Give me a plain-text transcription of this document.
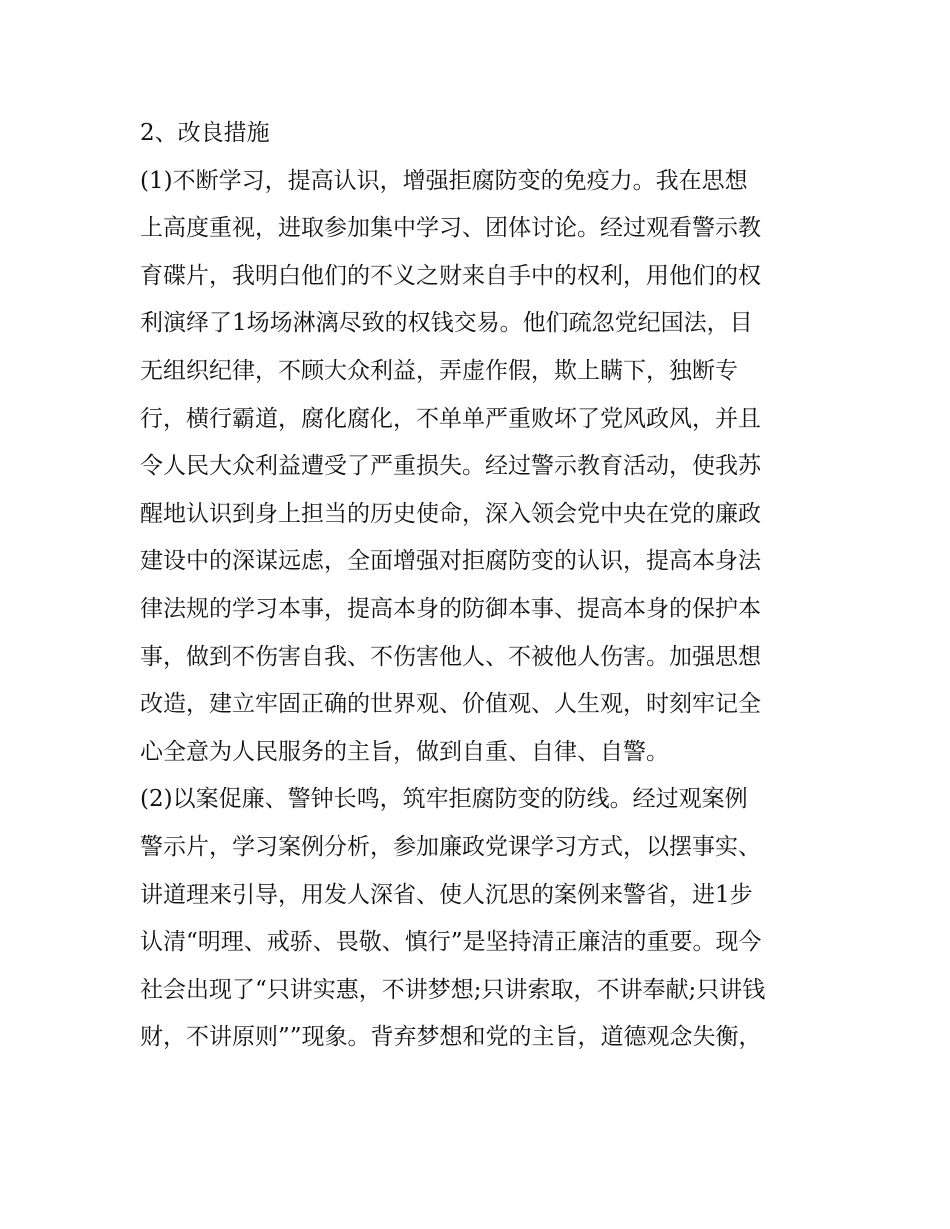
2、改良措施
(1)不断学习，提高认识，增强拒腐防变的免疫力。我在思想
上高度重视，进取参加集中学习、团体讨论。经过观看警示教
育碟片，我明白他们的不义之财来自手中的权利，用他们的权
利演绎了1场场淋漓尽致的权钱交易。他们疏忽党纪国法，目
无组织纪律，不顾大众利益，弄虚作假，欺上瞒下，独断专
行，横行霸道，腐化腐化，不单单严重败坏了党风政风，并且
令人民大众利益遭受了严重损失。经过警示教育活动，使我苏
醒地认识到身上担当的历史使命，深入领会党中央在党的廉政
建设中的深谋远虑，全面增强对拒腐防变的认识，提高本身法
律法规的学习本事，提高本身的防御本事、提高本身的保护本
事，做到不伤害自我、不伤害他人、不被他人伤害。加强思想
改造，建立牢固正确的世界观、价值观、人生观，时刻牢记全
心全意为人民服务的主旨，做到自重、自律、自警。
(2)以案促廉、警钟长鸣，筑牢拒腐防变的防线。经过观案例
警示片，学习案例分析，参加廉政党课学习方式，以摆事实、
讲道理来引导，用发人深省、使人沉思的案例来警省，进1步
认清“明理、戒骄、畏敬、慎行”是坚持清正廉洁的重要。现今
社会出现了“只讲实惠，不讲梦想;只讲索取，不讲奉献;只讲钱
财，不讲原则””现象。背弃梦想和党的主旨，道德观念失衡，
